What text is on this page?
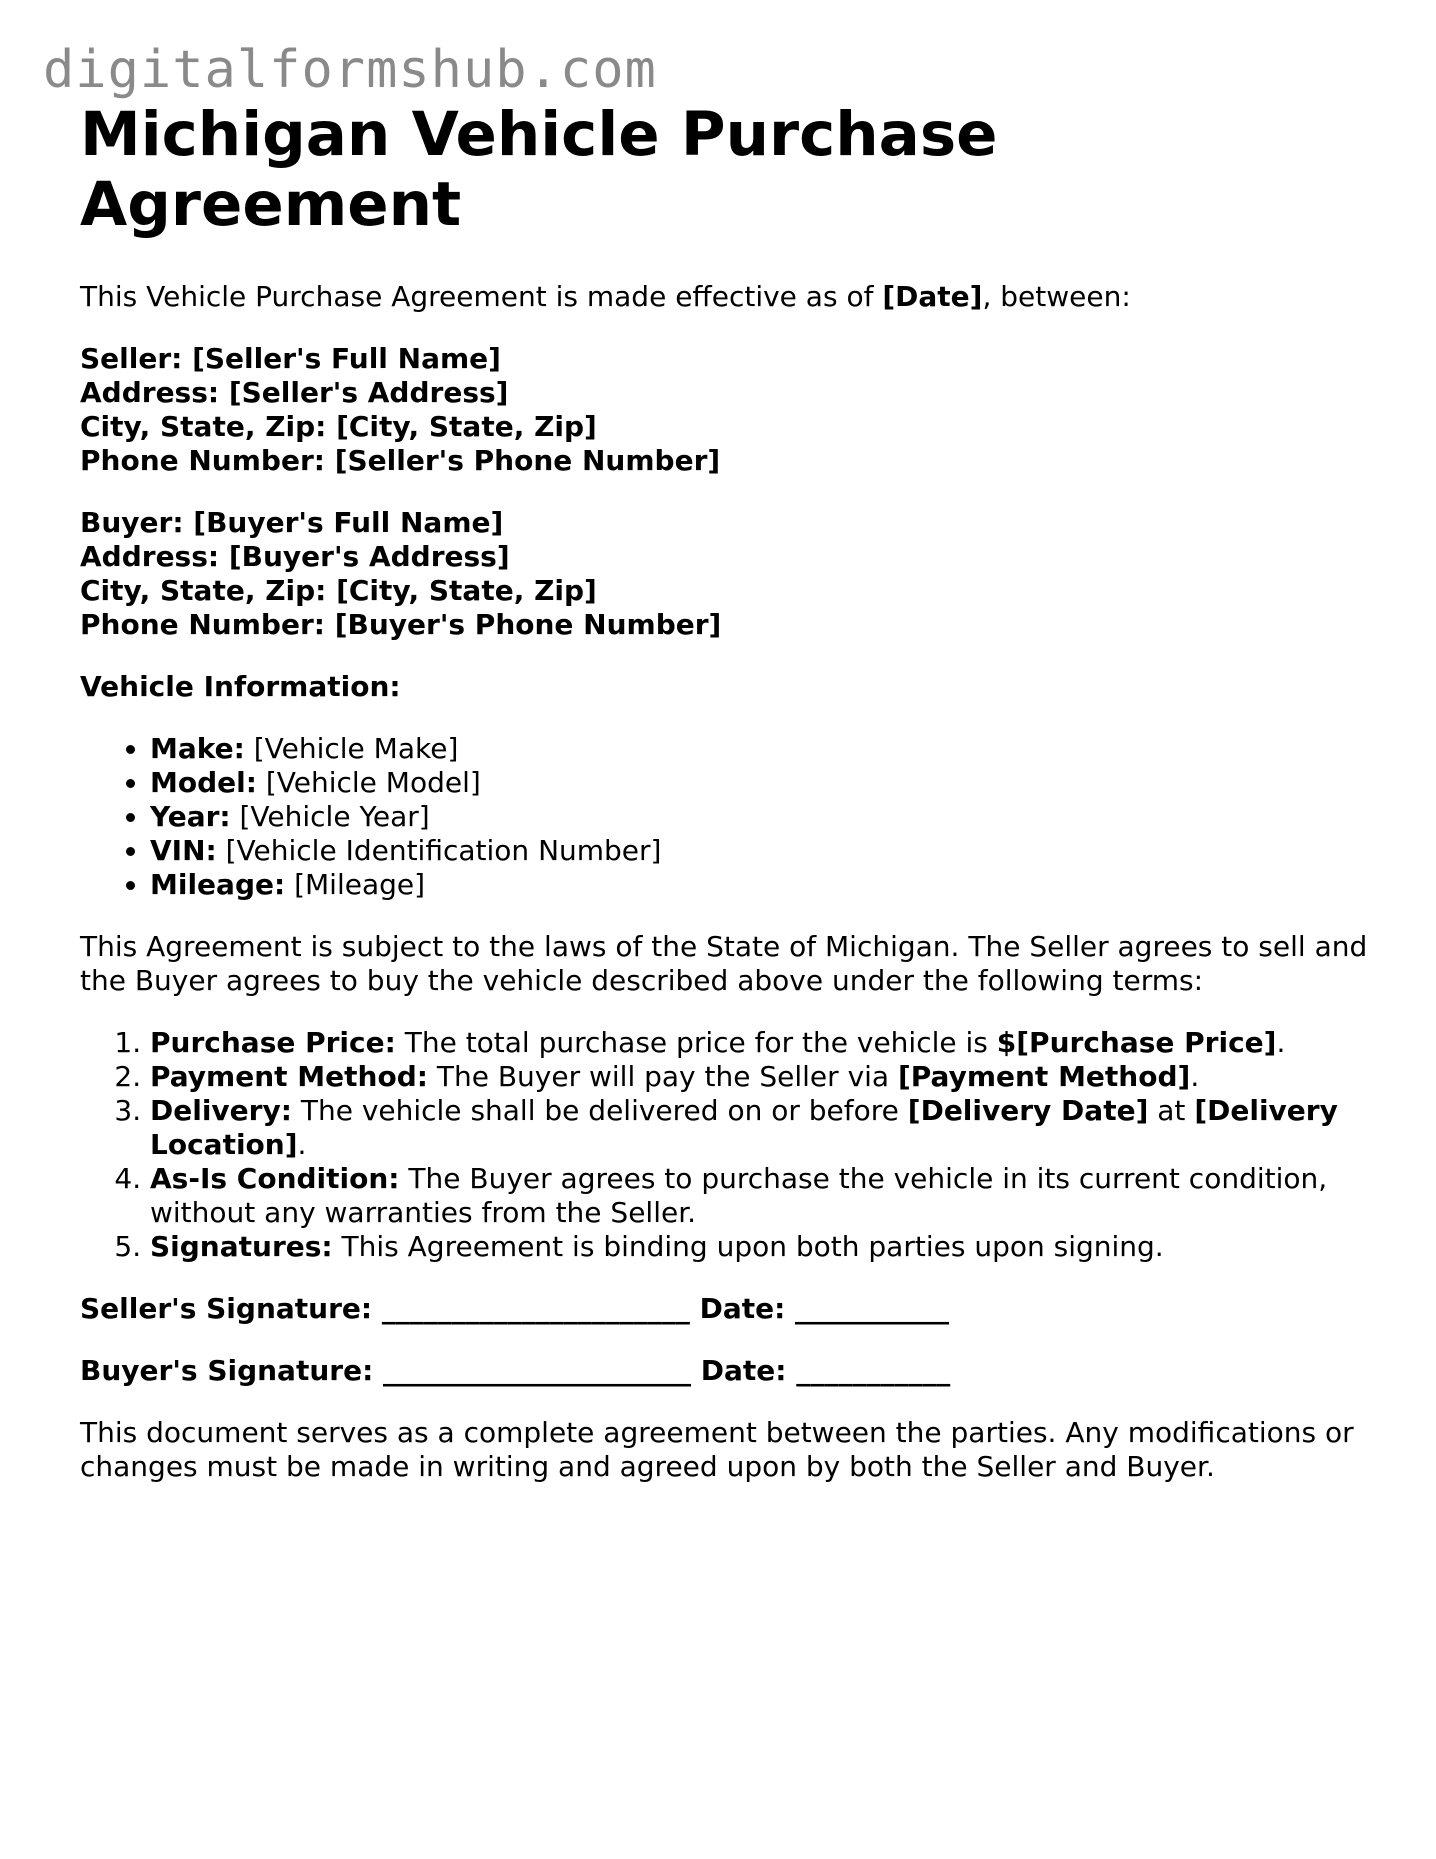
digitalformshub.com
Michigan Vehicle Purchase Agreement

This Vehicle Purchase Agreement is made effective as of [Date], between:

Seller: [Seller's Full Name]
Address: [Seller's Address]
City, State, Zip: [City, State, Zip]
Phone Number: [Seller's Phone Number]
Buyer: [Buyer's Full Name]
Address: [Buyer's Address]
City, State, Zip: [City, State, Zip]
Phone Number: [Buyer's Phone Number]

Vehicle Information:

• Make: [Vehicle Make]
• Model: [Vehicle Model]
• Year: [Vehicle Year]
• VIN: [Vehicle Identification Number]
• Mileage: [Mileage]

This Agreement is subject to the laws of the State of Michigan. The Seller agrees to sell and the Buyer agrees to buy the vehicle described above under the following terms:

1. Purchase Price: The total purchase price for the vehicle is $[Purchase Price].
2. Payment Method: The Buyer will pay the Seller via [Payment Method].
3. Delivery: The vehicle shall be delivered on or before [Delivery Date] at [Delivery Location].
4. As-Is Condition: The Buyer agrees to purchase the vehicle in its current condition, without any warranties from the Seller.
5. Signatures: This Agreement is binding upon both parties upon signing.
Seller's Signature: ______________________ Date: ___________
Buyer's Signature: ______________________ Date: ___________

This document serves as a complete agreement between the parties. Any modifications or changes must be made in writing and agreed upon by both the Seller and Buyer.
